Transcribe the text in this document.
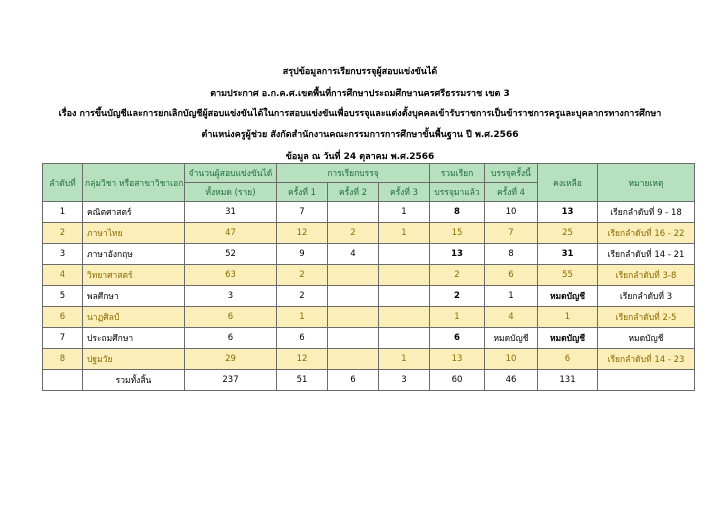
สรุปข้อมูลการเรียกบรรจุผู้สอบแข่งขันได้
ตามประกาศ อ.ก.ค.ศ.เขตพื้นที่การศึกษาประถมศึกษานครศรีธรรมราช เขต 3
เรื่อง การขึ้นบัญชีและการยกเลิกบัญชีผู้สอบแข่งขันได้ในการสอบแข่งขันเพื่อบรรจุและแต่งตั้งบุคคลเข้ารับราชการเป็นข้าราชการครูและบุคลากรทางการศึกษา
ตำแหน่งครูผู้ช่วย สังกัดสำนักงานคณะกรรมการการศึกษาขั้นพื้นฐาน ปี พ.ศ.2566
ข้อมูล ณ วันที่ 24 ตุลาคม พ.ศ.2566
ลำดับที่	กลุ่มวิชา หรือสาขาวิชาเอก	จำนวนผู้สอบแข่งขันได้	การเรียกบรรจุ			รวมเรียก	บรรจุครั้งนี้	คงเหลือ	หมายเหตุ
		ทั้งหมด (ราย)	ครั้งที่ 1	ครั้งที่ 2	ครั้งที่ 3	บรรจุมาแล้ว	ครั้งที่ 4		
1	คณิตศาสตร์	31	7		1	8	10	13	เรียกลำดับที่ 9 - 18
2	ภาษาไทย	47	12	2	1	15	7	25	เรียกลำดับที่ 16 - 22
3	ภาษาอังกฤษ	52	9	4		13	8	31	เรียกลำดับที่ 14 - 21
4	วิทยาศาสตร์	63	2			2	6	55	เรียกลำดับที่ 3-8
5	พลศึกษา	3	2			2	1	หมดบัญชี	เรียกลำดับที่ 3
6	นาฏศิลป์	6	1			1	4	1	เรียกลำดับที่ 2-5
7	ประถมศึกษา	6	6			6	หมดบัญชี	หมดบัญชี	หมดบัญชี
8	ปฐมวัย	29	12		1	13	10	6	เรียกลำดับที่ 14 - 23
	รวมทั้งสิ้น	237	51	6	3	60	46	131	
